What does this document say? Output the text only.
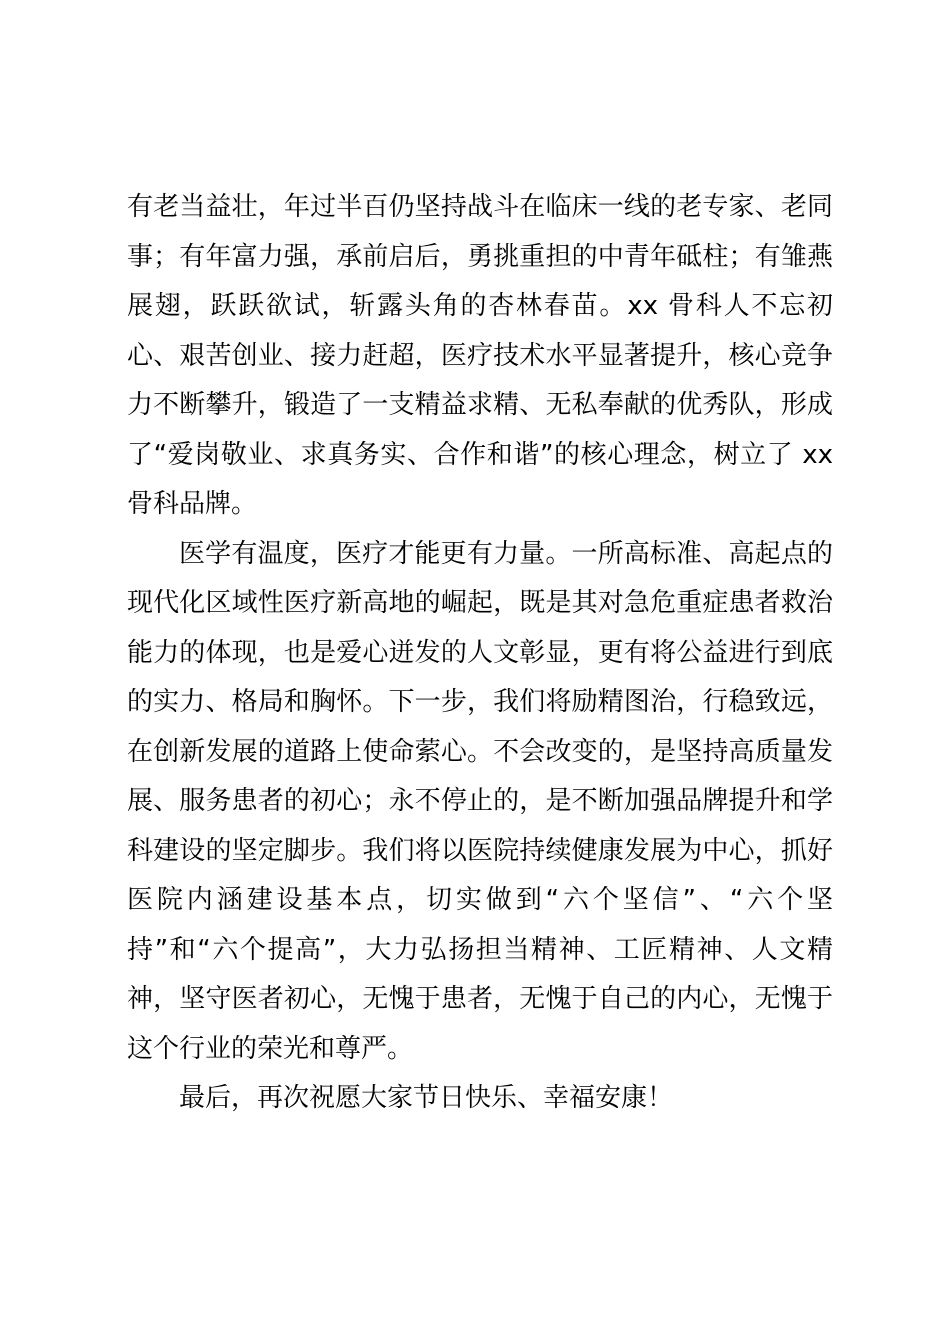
有老当益壮，年过半百仍坚持战斗在临床一线的老专家、老同事；有年富力强，承前启后，勇挑重担的中青年砥柱；有雏燕展翅，跃跃欲试，斩露头角的杏林春苗。xx 骨科人不忘初心、艰苦创业、接力赶超，医疗技术水平显著提升，核心竞争力不断攀升，锻造了一支精益求精、无私奉献的优秀队，形成了“爱岗敬业、求真务实、合作和谐”的核心理念，树立了 xx 骨科品牌。

医学有温度，医疗才能更有力量。一所高标准、高起点的现代化区域性医疗新高地的崛起，既是其对急危重症患者救治能力的体现，也是爱心迸发的人文彰显，更有将公益进行到底的实力、格局和胸怀。下一步，我们将励精图治，行稳致远，在创新发展的道路上使命萦心。不会改变的，是坚持高质量发展、服务患者的初心；永不停止的，是不断加强品牌提升和学科建设的坚定脚步。我们将以医院持续健康发展为中心，抓好医院内涵建设基本点，切实做到“六个坚信”、“六个坚持”和“六个提高”，大力弘扬担当精神、工匠精神、人文精神，坚守医者初心，无愧于患者，无愧于自己的内心，无愧于这个行业的荣光和尊严。

最后，再次祝愿大家节日快乐、幸福安康！
